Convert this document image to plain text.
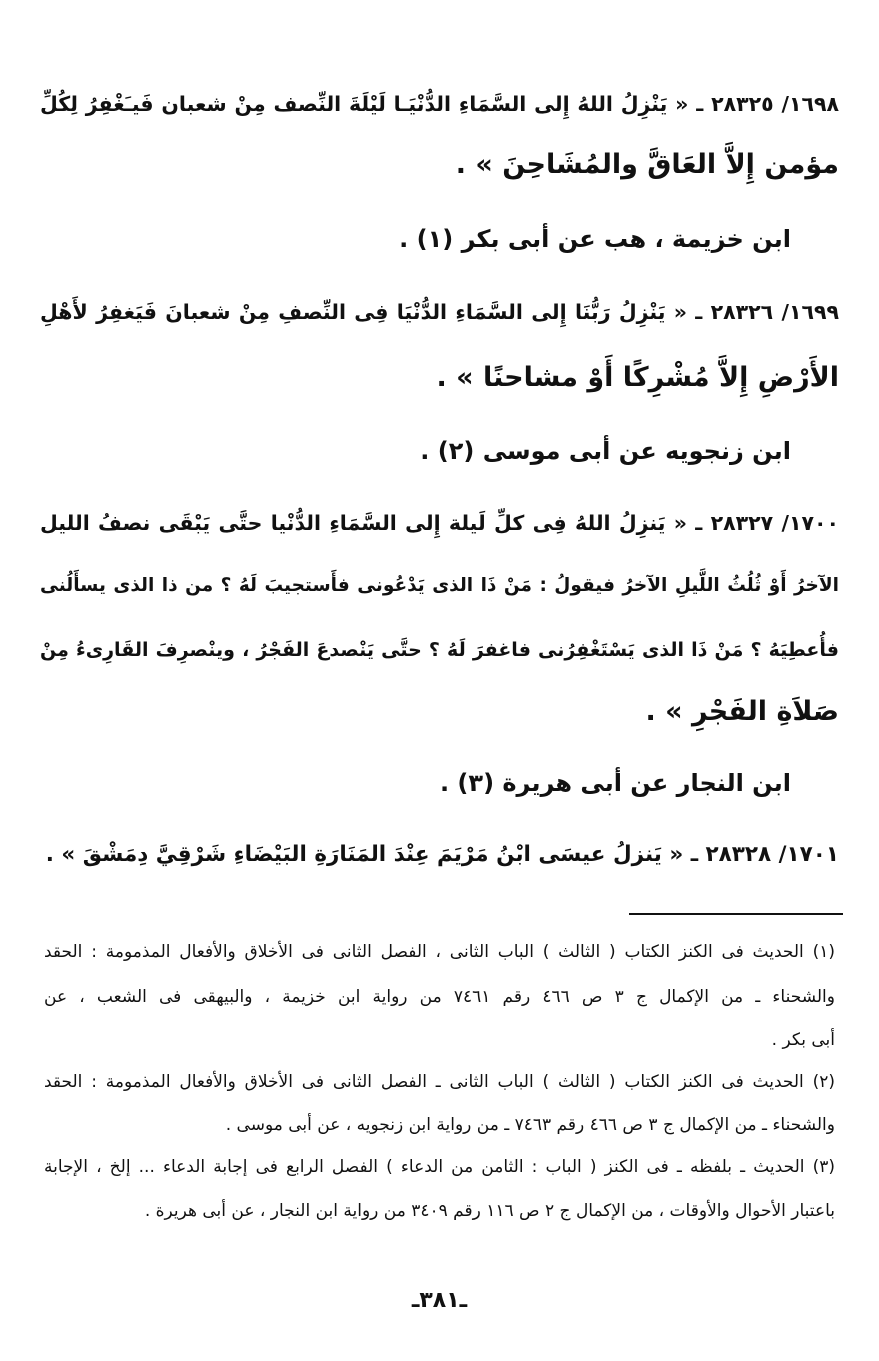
١٦٩٨/ ٢٨٣٢٥ ـ « يَنْزِلُ اللهُ إِلى السَّمَاءِ الدُّنْيَـا لَيْلَةَ النِّصف مِنْ شعبان فَيـَغْفِرُ لِكُلِّ
مؤمن إِلاَّ العَاقَّ والمُشَاحِنَ » .
ابن خزيمة ، هب عن أبى بكر (١) .
١٦٩٩/ ٢٨٣٢٦ ـ « يَنْزِلُ رَبُّنَا إِلى السَّمَاءِ الدُّنْيَا فِى النِّصفِ مِنْ شعبانَ فَيَغفِرُ لأَهْلِ
الأَرْضِ إِلاَّ مُشْرِكًا أَوْ مشاحنًا » .
ابن زنجويه عن أبى موسى (٢) .
١٧٠٠/ ٢٨٣٢٧ ـ « يَنزِلُ اللهُ فِى كلِّ لَيلة إِلى السَّمَاءِ الدُّنْيا حتَّى يَبْقَى نصفُ الليل
الآخرُ أَوْ ثُلُثُ اللَّيلِ الآخرُ فيقولُ : مَنْ ذَا الذى يَدْعُونى فأَستجيبَ لَهُ ؟ من ذا الذى يسأَلُنى
فأُعطِيَهُ ؟ مَنْ ذَا الذى يَسْتَغْفِرُنى فاغفرَ لَهُ ؟ حتَّى يَنْصدعَ الفَجْرُ ، وينْصرِفَ القَارِىءُ مِنْ
صَلاَةِ الفَجْرِ » .
ابن النجار عن أبى هريرة (٣) .
١٧٠١/ ٢٨٣٢٨ ـ « يَنزلُ عيسَى ابْنُ مَرْيَمَ عِنْدَ المَنَارَةِ البَيْضَاءِ شَرْقِيَّ دِمَشْقَ » .
(١) الحديث فى الكنز الكتاب ( الثالث ) الباب الثانى ، الفصل الثانى فى الأخلاق والأفعال المذمومة : الحقد
والشحناء ـ من الإكمال ج ٣ ص ٤٦٦ رقم ٧٤٦١ من رواية ابن خزيمة ، والبيهقى فى الشعب ، عن
أبى بكر .
(٢) الحديث فى الكنز الكتاب ( الثالث ) الباب الثانى ـ الفصل الثانى فى الأخلاق والأفعال المذمومة : الحقد
والشحناء ـ من الإكمال ج ٣ ص ٤٦٦ رقم ٧٤٦٣ ـ من رواية ابن زنجويه ، عن أبى موسى .
(٣) الحديث ـ بلفظه ـ فى الكنز ( الباب : الثامن من الدعاء ) الفصل الرابع فى إجابة الدعاء ... إلخ ، الإجابة
باعتبار الأحوال والأوقات ، من الإكمال ج ٢ ص ١١٦ رقم ٣٤٠٩ من رواية ابن النجار ، عن أبى هريرة .
ـ٣٨١ـ
